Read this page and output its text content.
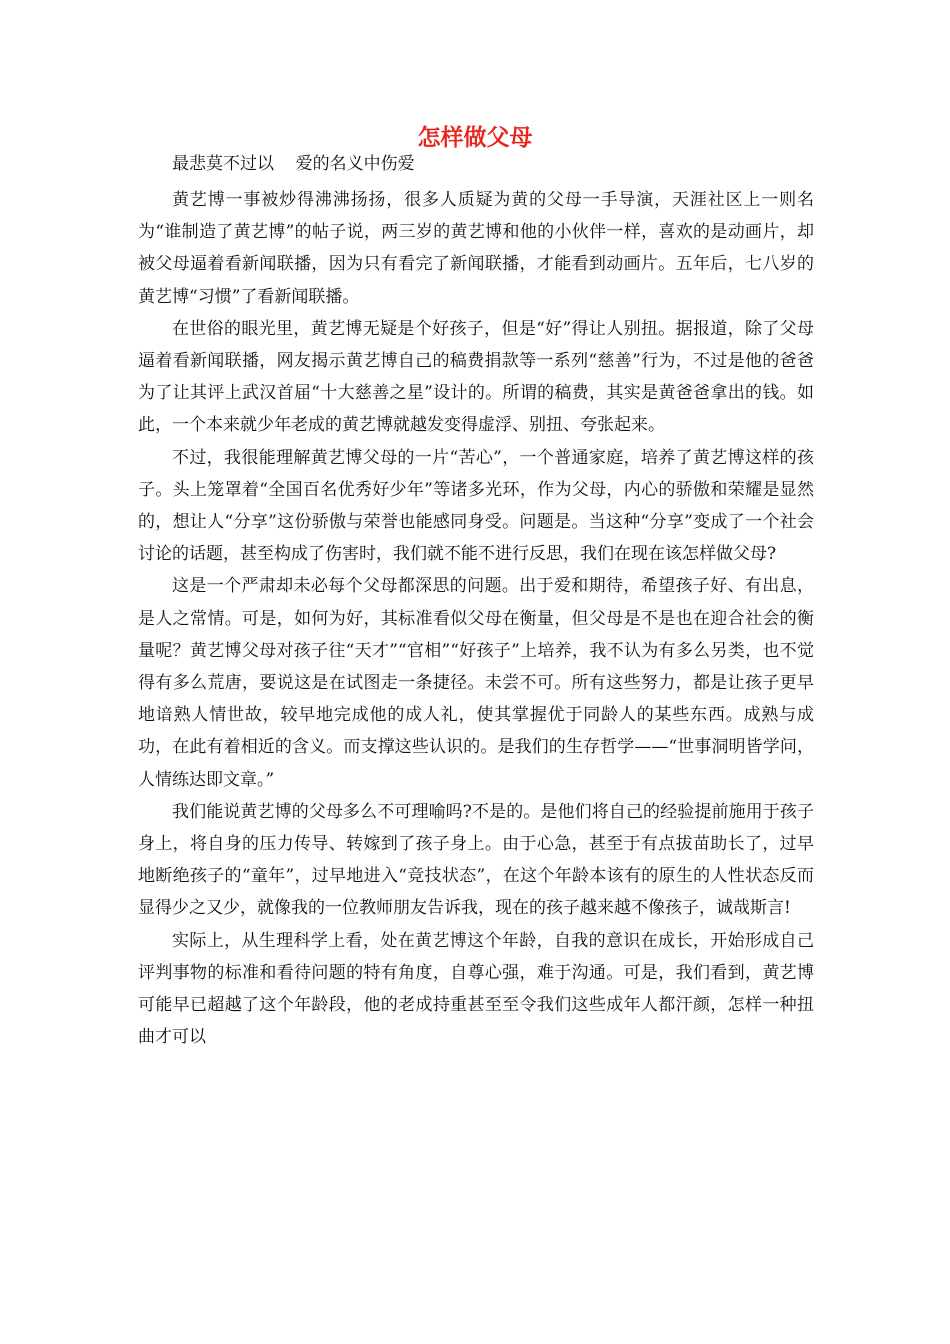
怎样做父母
最悲莫不过以    爱的名义中伤爱

黄艺博一事被炒得沸沸扬扬，很多人质疑为黄的父母一手导演，天涯社区上一则名为“谁制造了黄艺博”的帖子说，两三岁的黄艺博和他的小伙伴一样，喜欢的是动画片，却被父母逼着看新闻联播，因为只有看完了新闻联播，才能看到动画片。五年后，七八岁的黄艺博“习惯”了看新闻联播。

在世俗的眼光里，黄艺博无疑是个好孩子，但是“好”得让人别扭。据报道，除了父母逼着看新闻联播，网友揭示黄艺博自己的稿费捐款等一系列“慈善”行为，不过是他的爸爸为了让其评上武汉首届“十大慈善之星”设计的。所谓的稿费，其实是黄爸爸拿出的钱。如此，一个本来就少年老成的黄艺博就越发变得虚浮、别扭、夸张起来。

不过，我很能理解黄艺博父母的一片“苦心”，一个普通家庭，培养了黄艺博这样的孩子。头上笼罩着“全国百名优秀好少年”等诸多光环，作为父母，内心的骄傲和荣耀是显然的，想让人“分享”这份骄傲与荣誉也能感同身受。问题是。当这种“分享”变成了一个社会讨论的话题，甚至构成了伤害时，我们就不能不进行反思，我们在现在该怎样做父母?

这是一个严肃却未必每个父母都深思的问题。出于爱和期待，希望孩子好、有出息，是人之常情。可是，如何为好，其标准看似父母在衡量，但父母是不是也在迎合社会的衡量呢？黄艺博父母对孩子往“天才”“官相”“好孩子”上培养，我不认为有多么另类，也不觉得有多么荒唐，要说这是在试图走一条捷径。未尝不可。所有这些努力，都是让孩子更早地谙熟人情世故，较早地完成他的成人礼，使其掌握优于同龄人的某些东西。成熟与成功，在此有着相近的含义。而支撑这些认识的。是我们的生存哲学——“世事洞明皆学问，人情练达即文章。”

我们能说黄艺博的父母多么不可理喻吗?不是的。是他们将自己的经验提前施用于孩子身上，将自身的压力传导、转嫁到了孩子身上。由于心急，甚至于有点拔苗助长了，过早地断绝孩子的“童年”，过早地进入“竞技状态”，在这个年龄本该有的原生的人性状态反而显得少之又少，就像我的一位教师朋友告诉我，现在的孩子越来越不像孩子，诚哉斯言!

实际上，从生理科学上看，处在黄艺博这个年龄，自我的意识在成长，开始形成自己评判事物的标准和看待问题的特有角度，自尊心强，难于沟通。可是，我们看到，黄艺博可能早已超越了这个年龄段，他的老成持重甚至至令我们这些成年人都汗颜，怎样一种扭曲才可以
